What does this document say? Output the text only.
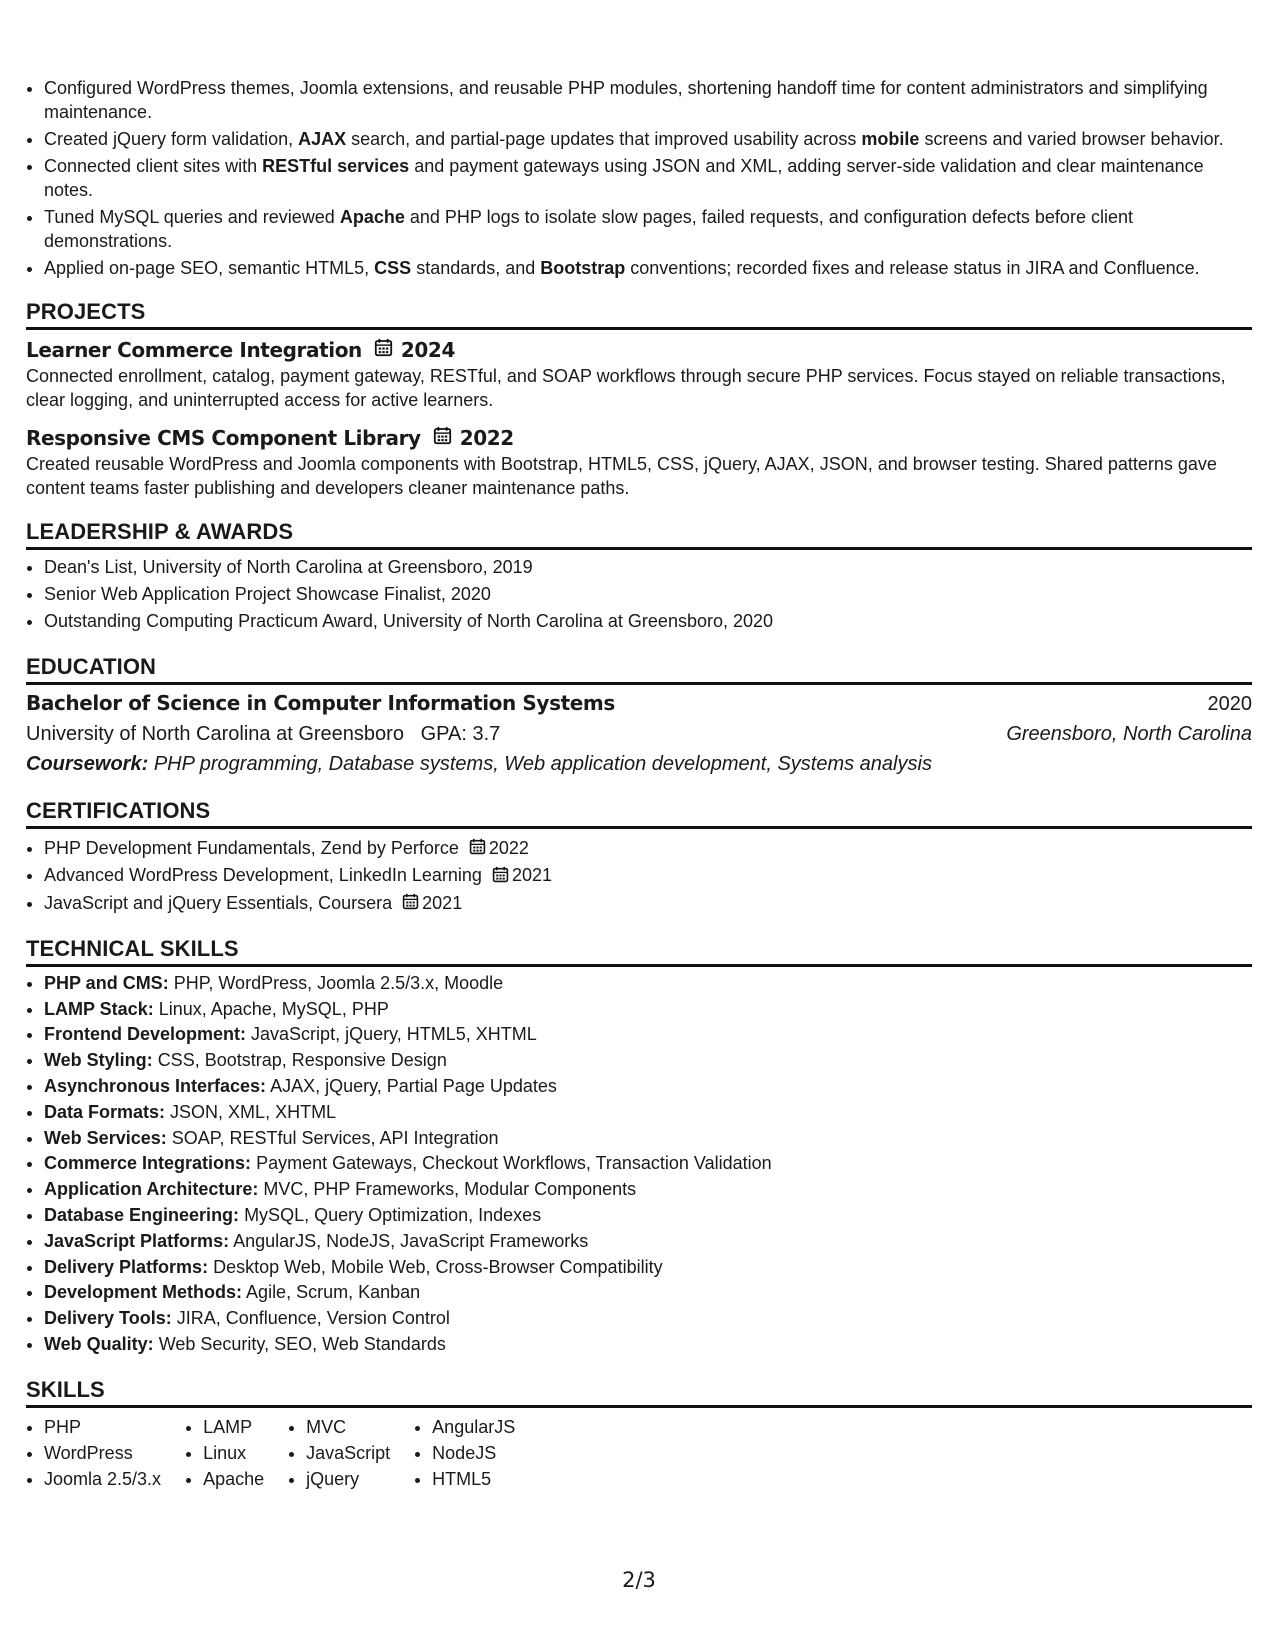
• Configured WordPress themes, Joomla extensions, and reusable PHP modules, shortening handoff time for content administrators and simplifying maintenance.
• Created jQuery form validation, AJAX search, and partial-page updates that improved usability across mobile screens and varied browser behavior.
• Connected client sites with RESTful services and payment gateways using JSON and XML, adding server-side validation and clear maintenance notes.
• Tuned MySQL queries and reviewed Apache and PHP logs to isolate slow pages, failed requests, and configuration defects before client demonstrations.
• Applied on-page SEO, semantic HTML5, CSS standards, and Bootstrap conventions; recorded fixes and release status in JIRA and Confluence.
PROJECTS
Learner Commerce Integration 2024
Connected enrollment, catalog, payment gateway, RESTful, and SOAP workflows through secure PHP services. Focus stayed on reliable transactions, clear logging, and uninterrupted access for active learners.
Responsive CMS Component Library 2022
Created reusable WordPress and Joomla components with Bootstrap, HTML5, CSS, jQuery, AJAX, JSON, and browser testing. Shared patterns gave content teams faster publishing and developers cleaner maintenance paths.
LEADERSHIP & AWARDS
• Dean's List, University of North Carolina at Greensboro, 2019
• Senior Web Application Project Showcase Finalist, 2020
• Outstanding Computing Practicum Award, University of North Carolina at Greensboro, 2020
EDUCATION
Bachelor of Science in Computer Information Systems	2020
University of North Carolina at Greensboro GPA: 3.7	Greensboro, North Carolina
Coursework: PHP programming, Database systems, Web application development, Systems analysis
CERTIFICATIONS
• PHP Development Fundamentals, Zend by Perforce 2022
• Advanced WordPress Development, LinkedIn Learning 2021
• JavaScript and jQuery Essentials, Coursera 2021
TECHNICAL SKILLS
• PHP and CMS: PHP, WordPress, Joomla 2.5/3.x, Moodle
• LAMP Stack: Linux, Apache, MySQL, PHP
• Frontend Development: JavaScript, jQuery, HTML5, XHTML
• Web Styling: CSS, Bootstrap, Responsive Design
• Asynchronous Interfaces: AJAX, jQuery, Partial Page Updates
• Data Formats: JSON, XML, XHTML
• Web Services: SOAP, RESTful Services, API Integration
• Commerce Integrations: Payment Gateways, Checkout Workflows, Transaction Validation
• Application Architecture: MVC, PHP Frameworks, Modular Components
• Database Engineering: MySQL, Query Optimization, Indexes
• JavaScript Platforms: AngularJS, NodeJS, JavaScript Frameworks
• Delivery Platforms: Desktop Web, Mobile Web, Cross-Browser Compatibility
• Development Methods: Agile, Scrum, Kanban
• Delivery Tools: JIRA, Confluence, Version Control
• Web Quality: Web Security, SEO, Web Standards
SKILLS
• PHP
• WordPress
• Joomla 2.5/3.x
• LAMP
• Linux
• Apache
• MVC
• JavaScript
• jQuery
• AngularJS
• NodeJS
• HTML5
2/3
